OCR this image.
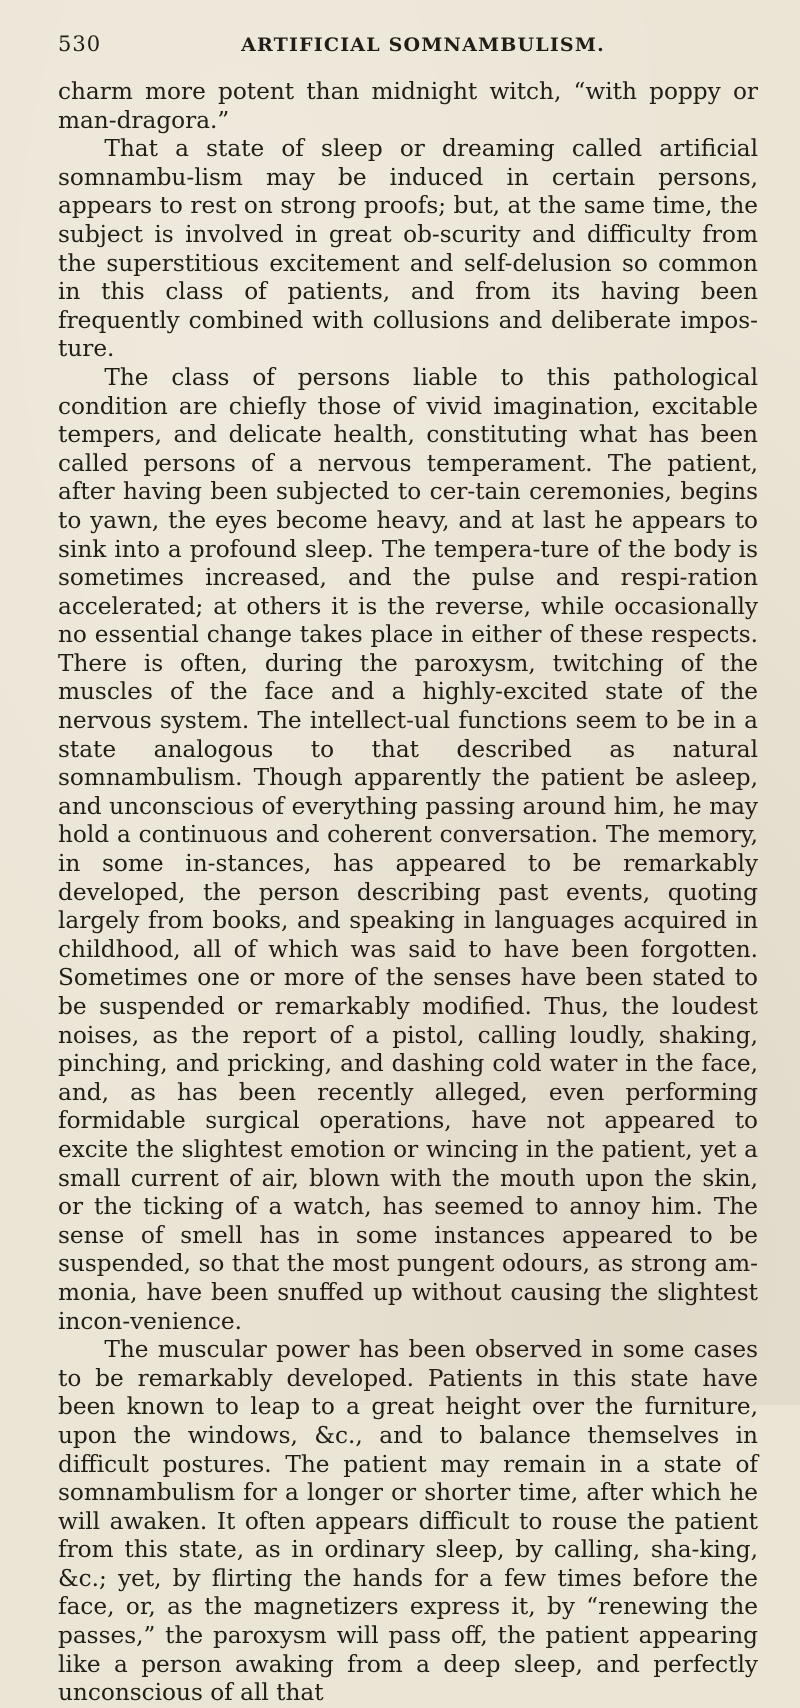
530	ARTIFICIAL SOMNAMBULISM.

charm more potent than midnight witch, “with poppy or man-dragora.”

That a state of sleep or dreaming called artificial somnambu-lism may be induced in certain persons, appears to rest on strong proofs; but, at the same time, the subject is involved in great ob-scurity and difficulty from the superstitious excitement and self-delusion so common in this class of patients, and from its having been frequently combined with collusions and deliberate impos-ture.

The class of persons liable to this pathological condition are chiefly those of vivid imagination, excitable tempers, and delicate health, constituting what has been called persons of a nervous temperament. The patient, after having been subjected to cer-tain ceremonies, begins to yawn, the eyes become heavy, and at last he appears to sink into a profound sleep. The tempera-ture of the body is sometimes increased, and the pulse and respi-ration accelerated; at others it is the reverse, while occasionally no essential change takes place in either of these respects. There is often, during the paroxysm, twitching of the muscles of the face and a highly-excited state of the nervous system. The intellect-ual functions seem to be in a state analogous to that described as natural somnambulism. Though apparently the patient be asleep, and unconscious of everything passing around him, he may hold a continuous and coherent conversation. The memory, in some in-stances, has appeared to be remarkably developed, the person describing past events, quoting largely from books, and speaking in languages acquired in childhood, all of which was said to have been forgotten. Sometimes one or more of the senses have been stated to be suspended or remarkably modified. Thus, the loudest noises, as the report of a pistol, calling loudly, shaking, pinching, and pricking, and dashing cold water in the face, and, as has been recently alleged, even performing formidable surgical operations, have not appeared to excite the slightest emotion or wincing in the patient, yet a small current of air, blown with the mouth upon the skin, or the ticking of a watch, has seemed to annoy him. The sense of smell has in some instances appeared to be suspended, so that the most pungent odours, as strong am-monia, have been snuffed up without causing the slightest incon-venience.

The muscular power has been observed in some cases to be remarkably developed. Patients in this state have been known to leap to a great height over the furniture, upon the windows, &c., and to balance themselves in difficult postures. The patient may remain in a state of somnambulism for a longer or shorter time, after which he will awaken. It often appears difficult to rouse the patient from this state, as in ordinary sleep, by calling, sha-king, &c.; yet, by flirting the hands for a few times before the face, or, as the magnetizers express it, by “renewing the passes,” the paroxysm will pass off, the patient appearing like a person awaking from a deep sleep, and perfectly unconscious of all that
